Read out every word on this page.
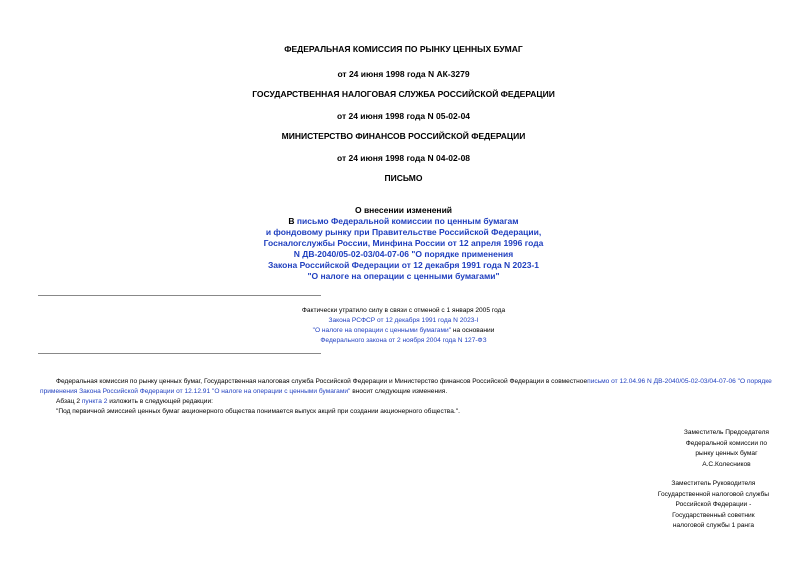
ФЕДЕРАЛЬНАЯ КОМИССИЯ ПО РЫНКУ ЦЕННЫХ БУМАГ
от 24 июня 1998 года N АК-3279
ГОСУДАРСТВЕННАЯ НАЛОГОВАЯ СЛУЖБА РОССИЙСКОЙ ФЕДЕРАЦИИ
от 24 июня 1998 года N 05-02-04
МИНИСТЕРСТВО ФИНАНСОВ РОССИЙСКОЙ ФЕДЕРАЦИИ
от 24 июня 1998 года N 04-02-08
ПИСЬМО
О внесении изменений
В письмо Федеральной комиссии по ценным бумагам
и фондовому рынку при Правительстве Российской Федерации,
Госналогслужбы России, Минфина России от 12 апреля 1996 года
N ДВ-2040/05-02-03/04-07-06 "О порядке применения
Закона Российской Федерации от 12 декабря 1991 года N 2023-1
"О налоге на операции с ценными бумагами"
Фактически утратило силу в связи с отменой с 1 января 2005 года
Закона РСФСР от 12 декабря 1991 года N 2023-I
"О налоге на операции с ценными бумагами" на основании
Федерального закона от 2 ноября 2004 года N 127-ФЗ
Федеральная комиссия по рынку ценных бумаг, Государственная налоговая служба Российской Федерации и Министерство финансов Российской Федерации в совместноеписьмо от 12.04.96 N ДВ-2040/05-02-03/04-07-06 "О порядке применения Закона Российской Федерации от 12.12.91 "О налоге на операции с ценными бумагами" вносит следующие изменения.
Абзац 2 пункта 2 изложить в следующей редакции:
"Под первичной эмиссией ценных бумаг акционерного общества понимается выпуск акций при создании акционерного общества.".
Заместитель Председателя
Федеральной комиссии по
рынку ценных бумаг
А.С.Колесников
Заместитель Руководителя
Государственной налоговой службы
Российской Федерации -
Государственный советник
налоговой службы 1 ранга
